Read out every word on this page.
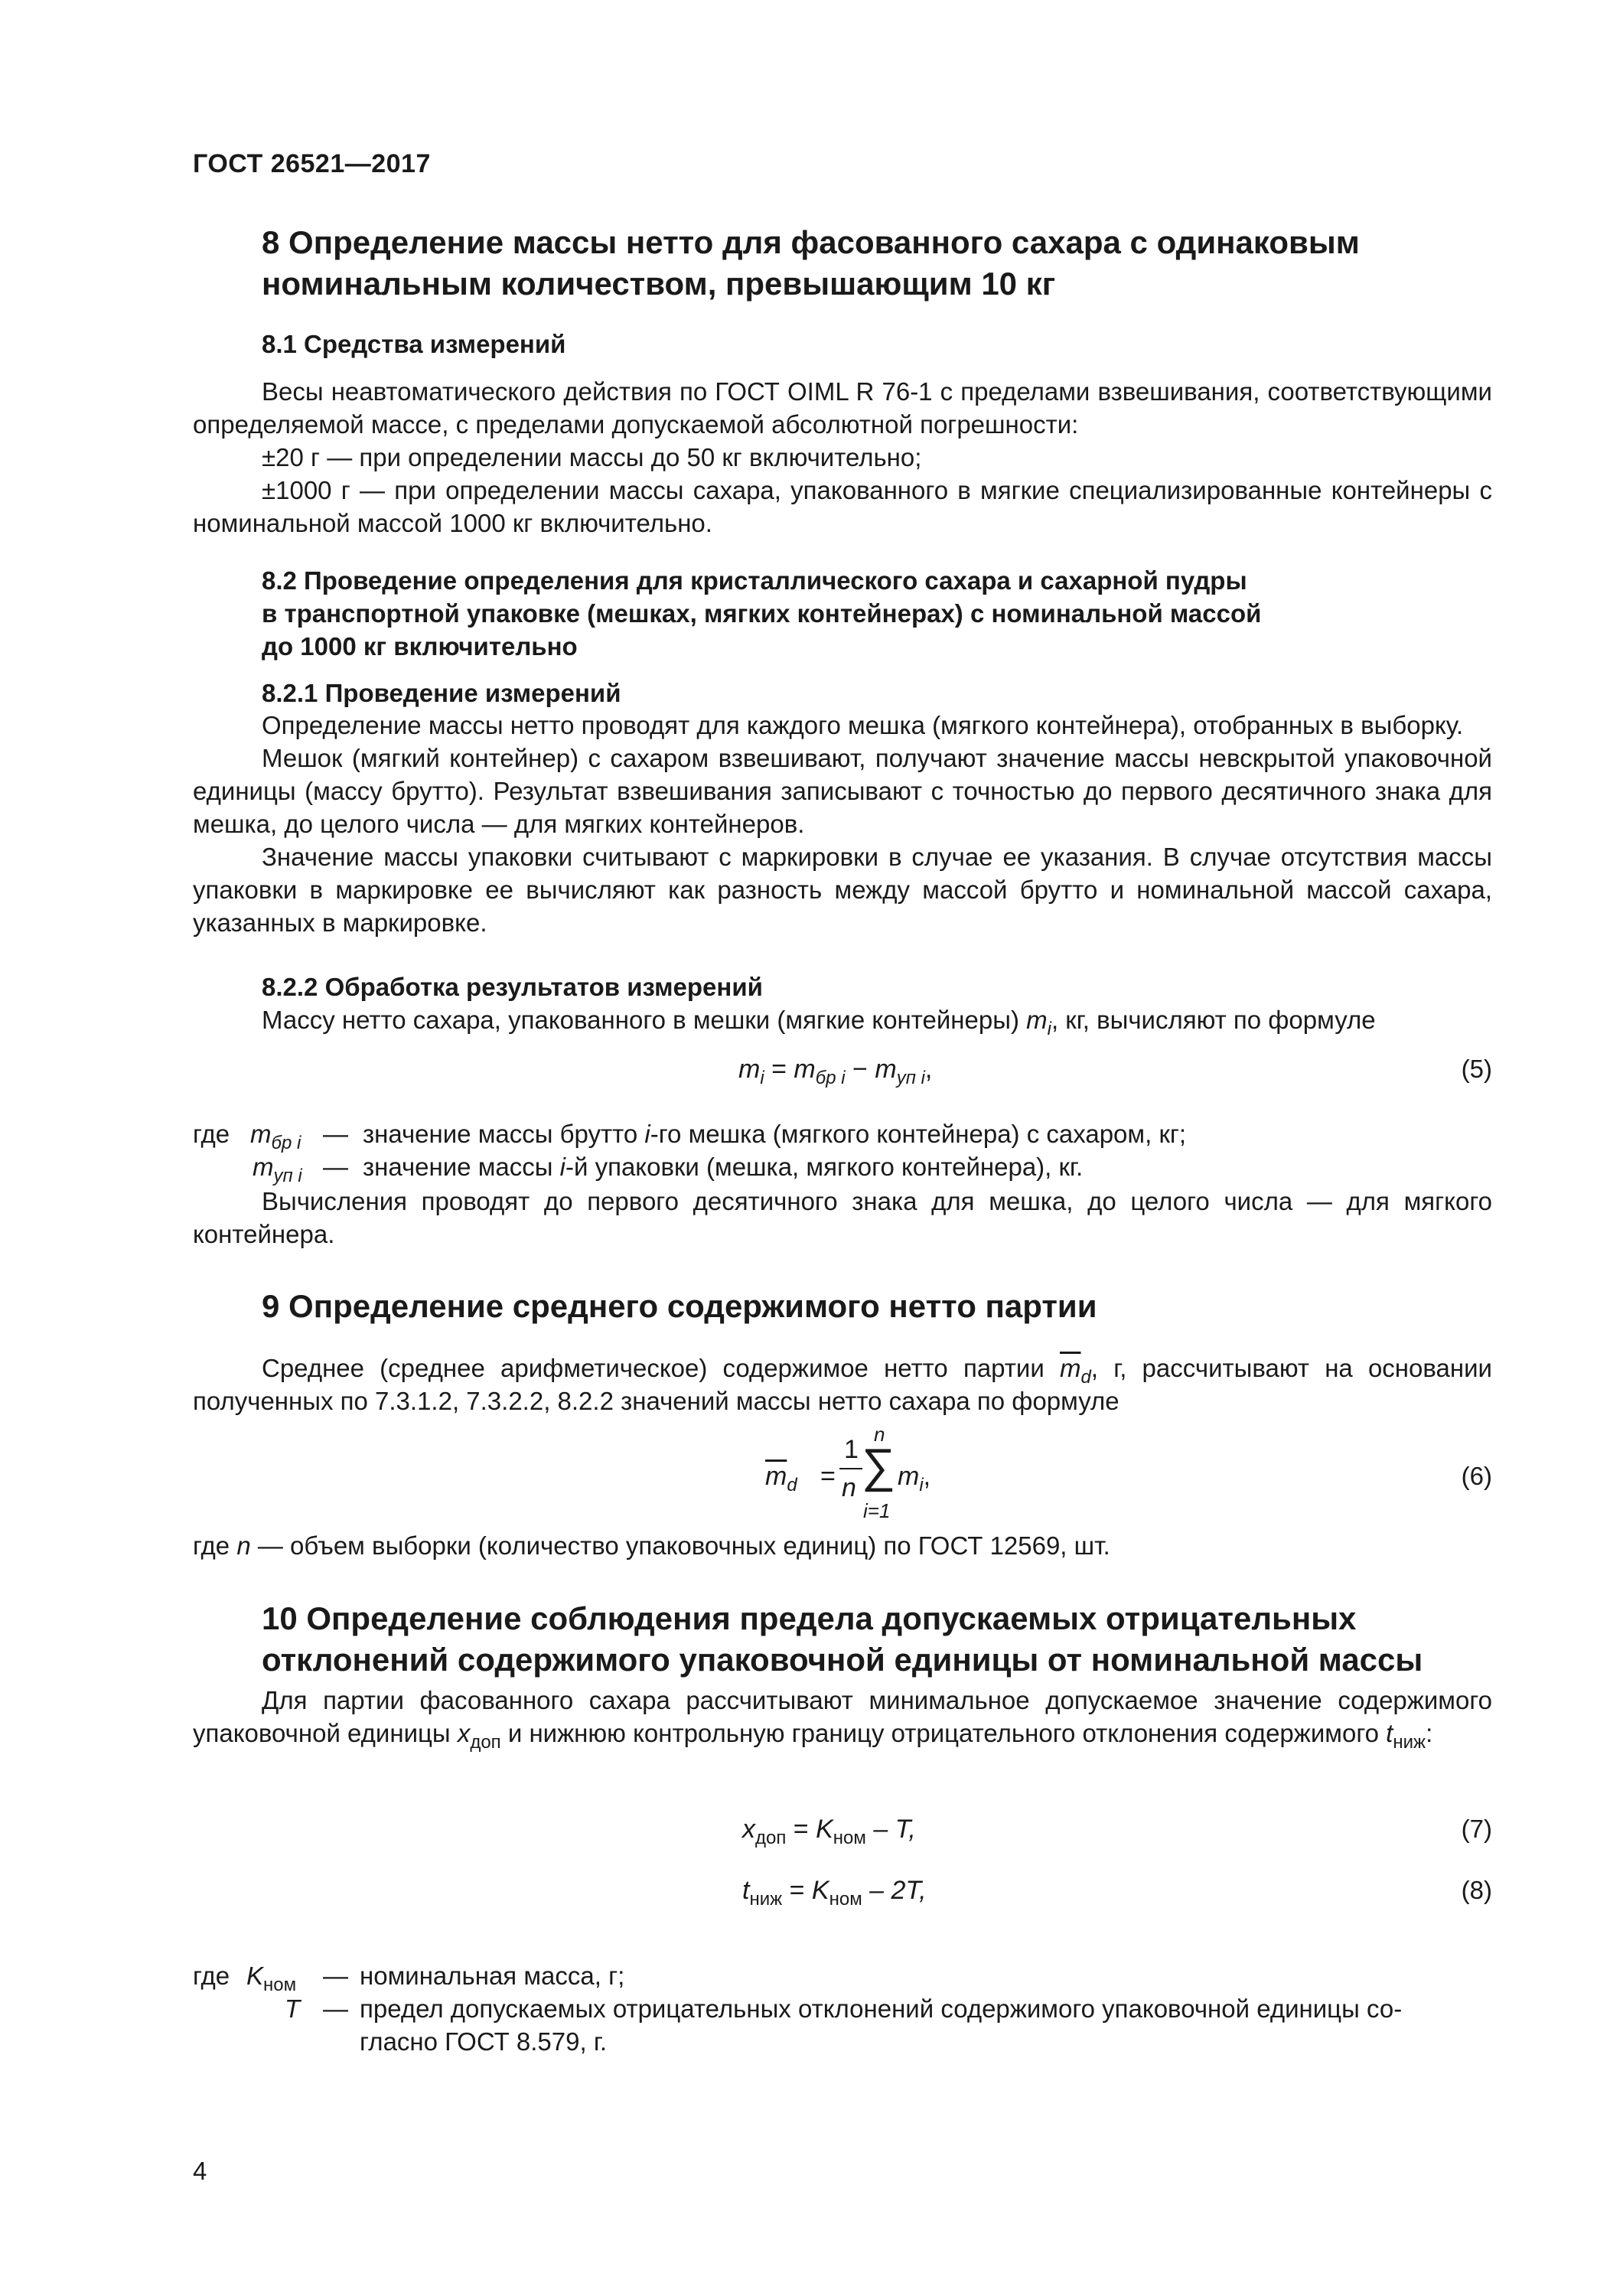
ГОСТ 26521—2017
8 Определение массы нетто для фасованного сахара с одинаковым
номинальным количеством, превышающим 10 кг
8.1 Средства измерений

Весы неавтоматического действия по ГОСТ OIML R 76-1 с пределами взвешивания, соответствующими определяемой массе, с пределами допускаемой абсолютной погрешности:

±20 г — при определении массы до 50 кг включительно;

±1000 г — при определении массы сахара, упакованного в мягкие специализированные контейнеры с номинальной массой 1000 кг включительно.

8.2 Проведение определения для кристаллического сахара и сахарной пудры
в транспортной упаковке (мешках, мягких контейнерах) с номинальной массой
до 1000 кг включительно
8.2.1 Проведение измерений

Определение массы нетто проводят для каждого мешка (мягкого контейнера), отобранных в выборку.

Мешок (мягкий контейнер) с сахаром взвешивают, получают значение массы невскрытой упаковочной единицы (массу брутто). Результат взвешивания записывают с точностью до первого десятичного знака для мешка, до целого числа — для мягких контейнеров.

Значение массы упаковки считывают с маркировки в случае ее указания. В случае отсутствия массы упаковки в маркировке ее вычисляют как разность между массой брутто и номинальной массой сахара, указанных в маркировке.

8.2.2 Обработка результатов измерений

Массу нетто сахара, упакованного в мешки (мягкие контейнеры) $m_i$, кг, вычисляют по формуле

$m_i = m_{бр i} - m_{уп i}$,	(5)
где $m_{бр i}$ — значение массы брутто i-го мешка (мягкого контейнера) с сахаром, кг;
$m_{уп i}$ — значение массы i-й упаковки (мешка, мягкого контейнера), кг.

Вычисления проводят до первого десятичного знака для мешка, до целого числа — для мягкого контейнера.

9 Определение среднего содержимого нетто партии

Среднее (среднее арифметическое) содержимое нетто партии $\overline{m}_d$, г, рассчитывают на основании полученных по 7.3.1.2, 7.3.2.2, 8.2.2 значений массы нетто сахара по формуле

$\overline{m}_d$ =
1
n
n
∑
i=1
$m_i$,	(6)

где n — объем выборки (количество упаковочных единиц) по ГОСТ 12569, шт.

10 Определение соблюдения предела допускаемых отрицательных
отклонений содержимого упаковочной единицы от номинальной массы

Для партии фасованного сахара рассчитывают минимальное допускаемое значение содержимого упаковочной единицы $x_{доп}$ и нижнюю контрольную границу отрицательного отклонения содержимого $t_{ниж}$:

$x_{доп} = K_{ном} - T$,	(7)
$t_{ниж} = K_{ном} - 2T$,	(8)
где $K_{ном}$ — номинальная масса, г;
T — предел допускаемых отрицательных отклонений содержимого упаковочной единицы со-
гласно ГОСТ 8.579, г.
4
